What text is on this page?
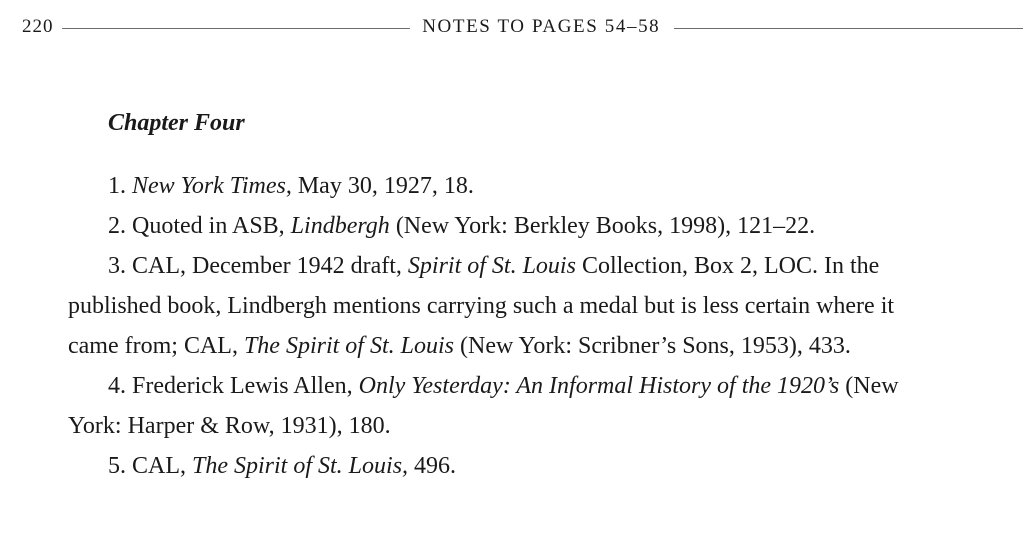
220	NOTES TO PAGES 54–58
Chapter Four

1. New York Times, May 30, 1927, 18.

2. Quoted in ASB, Lindbergh (New York: Berkley Books, 1998), 121–22.

3. CAL, December 1942 draft, Spirit of St. Louis Collection, Box 2, LOC. In the published book, Lindbergh mentions carrying such a medal but is less certain where it came from; CAL, The Spirit of St. Louis (New York: Scribner’s Sons, 1953), 433.

4. Frederick Lewis Allen, Only Yesterday: An Informal History of the 1920’s (New York: Harper & Row, 1931), 180.

5. CAL, The Spirit of St. Louis, 496.
